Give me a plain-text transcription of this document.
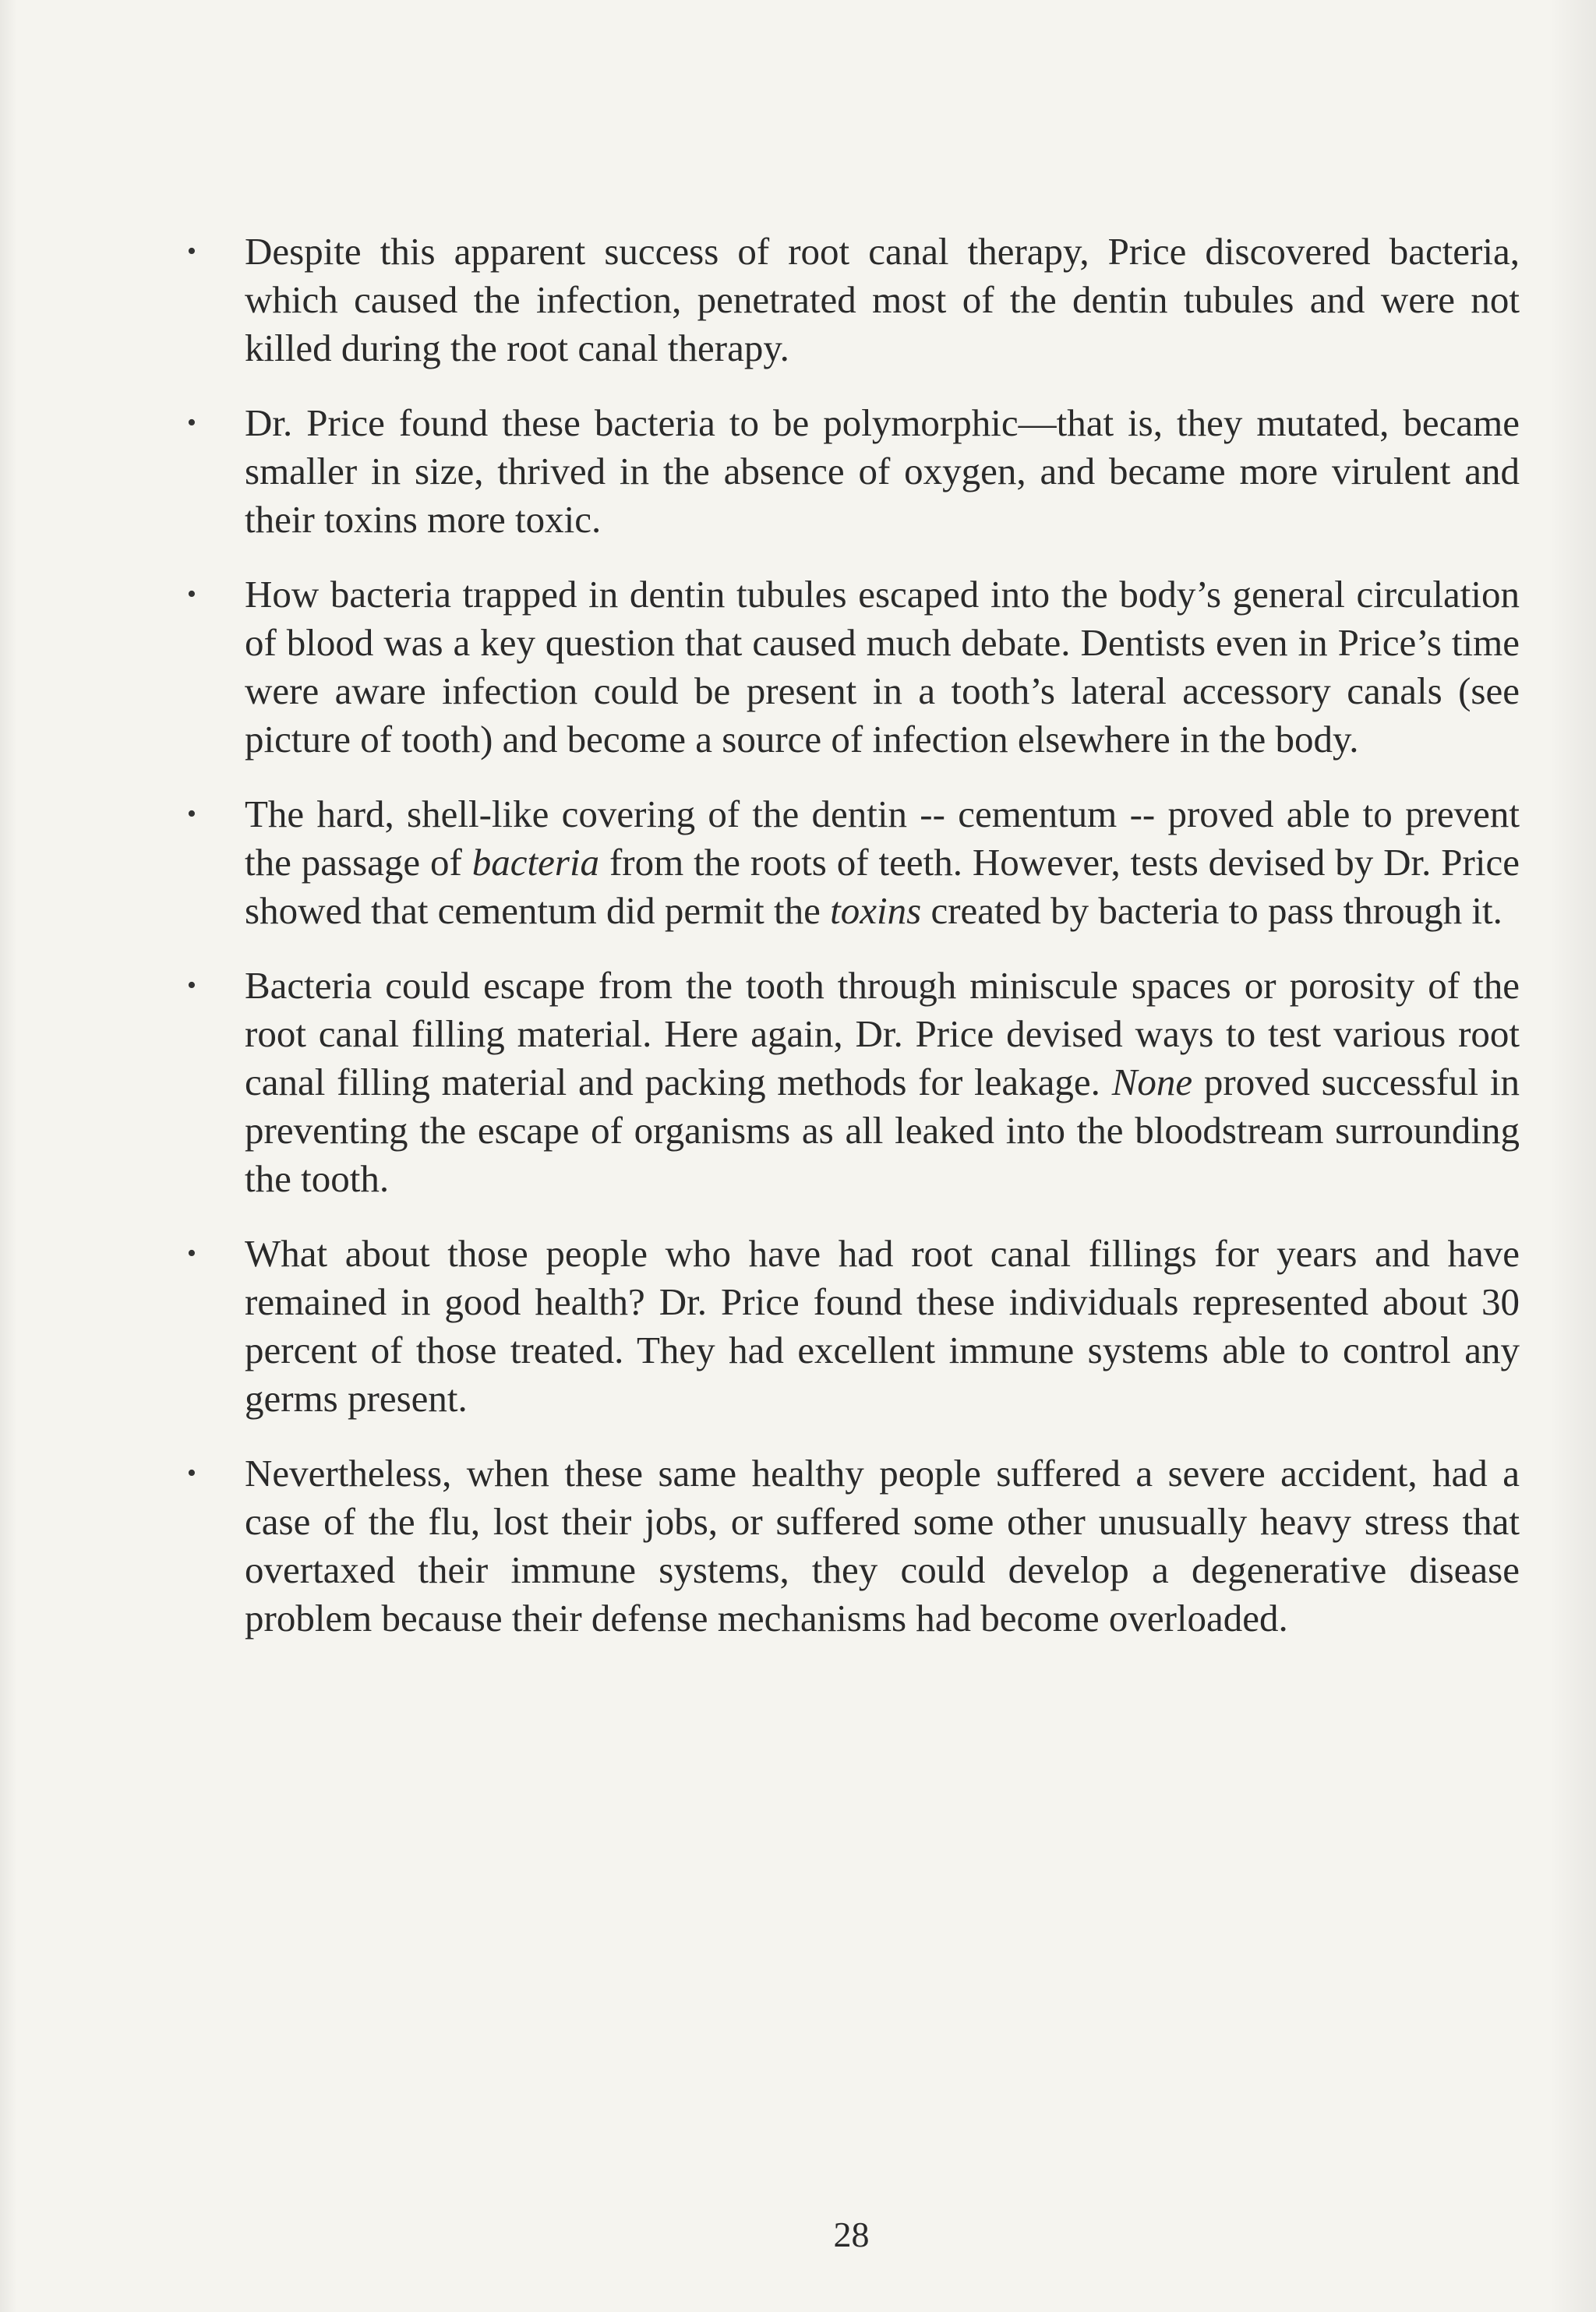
• Despite this apparent success of root canal therapy, Price discovered bacteria, which caused the infection, penetrated most of the dentin tubules and were not killed during the root canal therapy.
• Dr. Price found these bacteria to be polymorphic—that is, they mutated, became smaller in size, thrived in the absence of oxygen, and became more virulent and their toxins more toxic.
• How bacteria trapped in dentin tubules escaped into the body’s general circulation of blood was a key question that caused much debate. Dentists even in Price’s time were aware infection could be present in a tooth’s lateral accessory canals (see picture of tooth) and become a source of infection elsewhere in the body.
• The hard, shell-like covering of the dentin -- cementum -- proved able to prevent the passage of bacteria from the roots of teeth. However, tests devised by Dr. Price showed that cementum did permit the toxins created by bacteria to pass through it.
• Bacteria could escape from the tooth through miniscule spaces or porosity of the root canal filling material. Here again, Dr. Price devised ways to test various root canal filling material and packing methods for leakage. None proved successful in preventing the escape of organisms as all leaked into the bloodstream surrounding the tooth.
• What about those people who have had root canal fillings for years and have remained in good health? Dr. Price found these individuals represented about 30 percent of those treated. They had excellent immune systems able to control any germs present.
• Nevertheless, when these same healthy people suffered a severe accident, had a case of the flu, lost their jobs, or suffered some other unusually heavy stress that overtaxed their immune systems, they could develop a degenerative disease problem because their defense mechanisms had become overloaded.
28
